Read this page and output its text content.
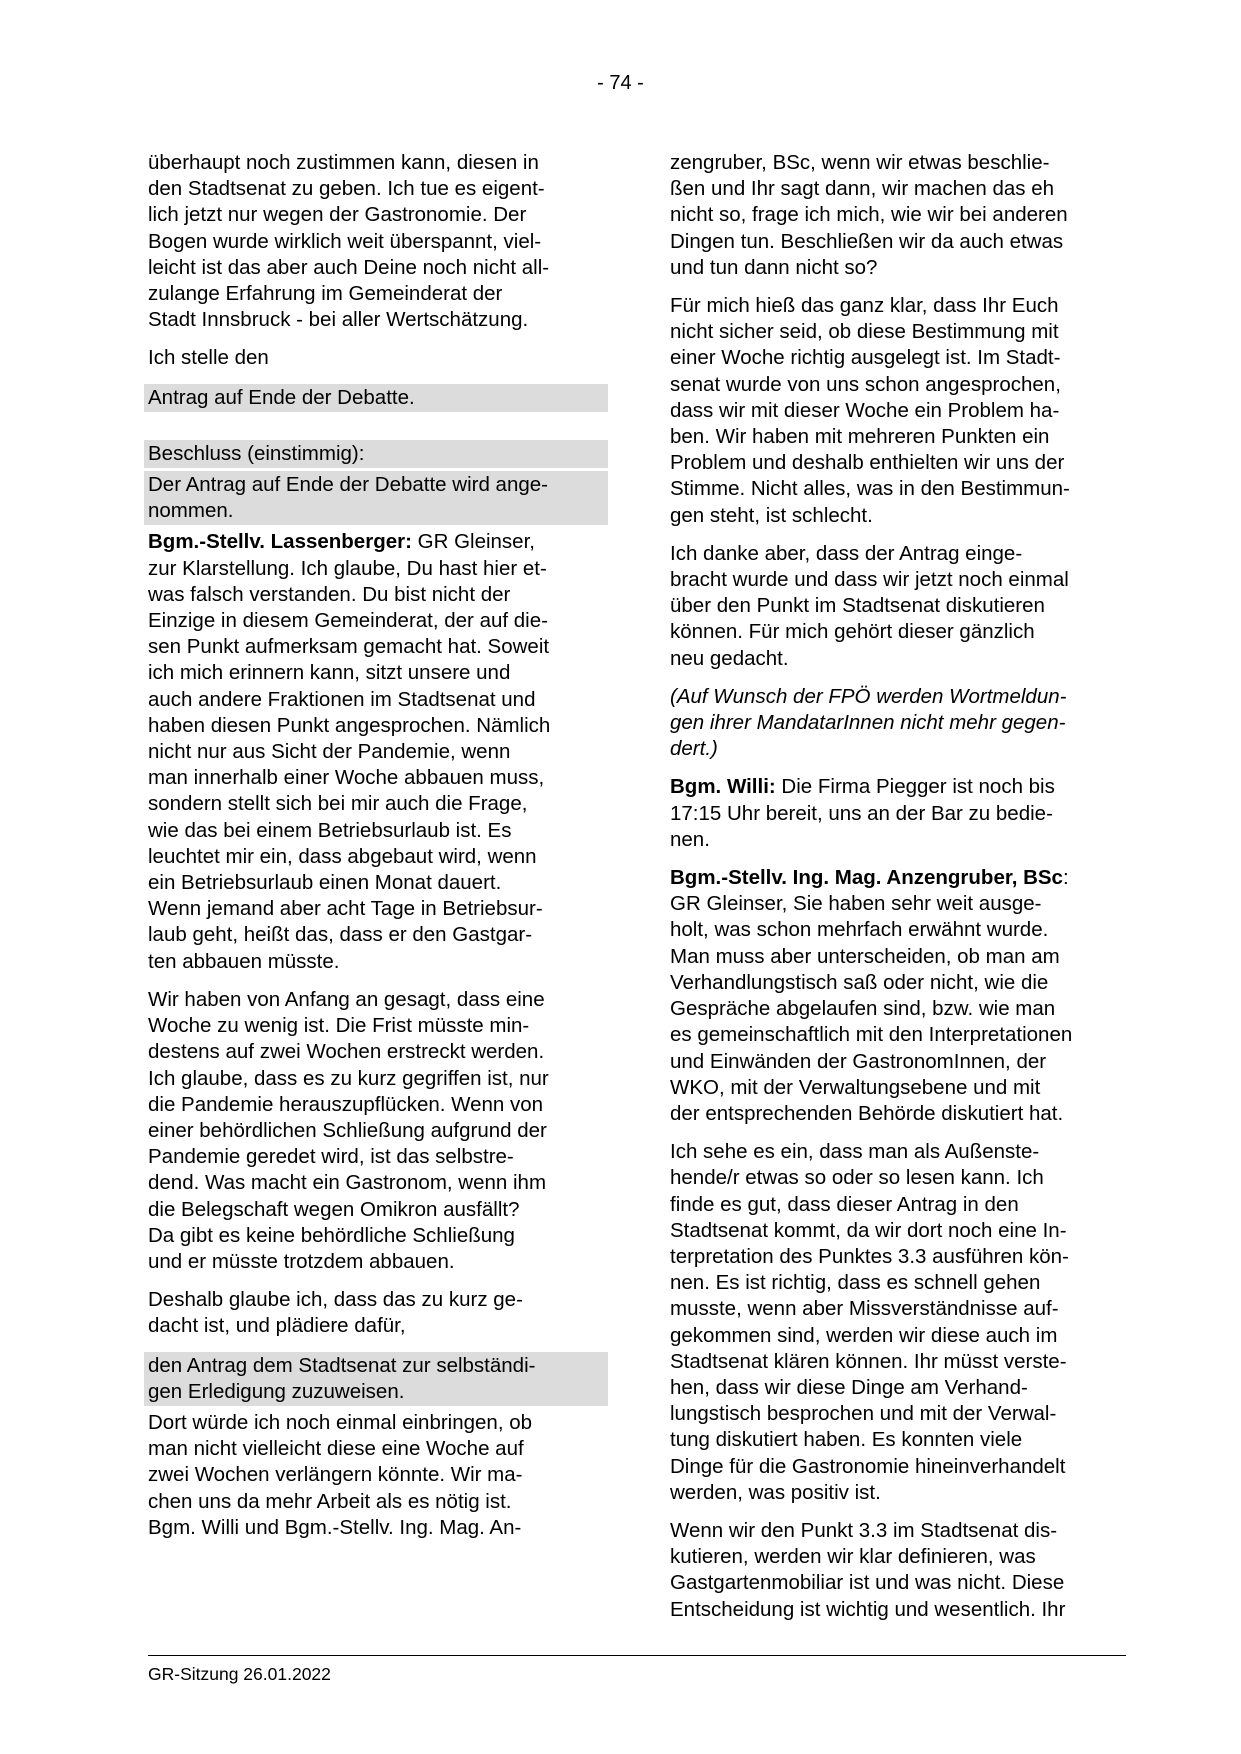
- 74 -

überhaupt noch zustimmen kann, diesen in
den Stadtsenat zu geben. Ich tue es eigent-
lich jetzt nur wegen der Gastronomie. Der
Bogen wurde wirklich weit überspannt, viel-
leicht ist das aber auch Deine noch nicht all-
zulange Erfahrung im Gemeinderat der
Stadt Innsbruck - bei aller Wertschätzung.

Ich stelle den

Antrag auf Ende der Debatte.
Beschluss (einstimmig):
Der Antrag auf Ende der Debatte wird ange-
nommen.

Bgm.-Stellv. Lassenberger: GR Gleinser,
zur Klarstellung. Ich glaube, Du hast hier et-
was falsch verstanden. Du bist nicht der
Einzige in diesem Gemeinderat, der auf die-
sen Punkt aufmerksam gemacht hat. Soweit
ich mich erinnern kann, sitzt unsere und
auch andere Fraktionen im Stadtsenat und
haben diesen Punkt angesprochen. Nämlich
nicht nur aus Sicht der Pandemie, wenn
man innerhalb einer Woche abbauen muss,
sondern stellt sich bei mir auch die Frage,
wie das bei einem Betriebsurlaub ist. Es
leuchtet mir ein, dass abgebaut wird, wenn
ein Betriebsurlaub einen Monat dauert.
Wenn jemand aber acht Tage in Betriebsur-
laub geht, heißt das, dass er den Gastgar-
ten abbauen müsste.

Wir haben von Anfang an gesagt, dass eine
Woche zu wenig ist. Die Frist müsste min-
destens auf zwei Wochen erstreckt werden.
Ich glaube, dass es zu kurz gegriffen ist, nur
die Pandemie herauszupflücken. Wenn von
einer behördlichen Schließung aufgrund der
Pandemie geredet wird, ist das selbstre-
dend. Was macht ein Gastronom, wenn ihm
die Belegschaft wegen Omikron ausfällt?
Da gibt es keine behördliche Schließung
und er müsste trotzdem abbauen.

Deshalb glaube ich, dass das zu kurz ge-
dacht ist, und plädiere dafür,

den Antrag dem Stadtsenat zur selbständi-
gen Erledigung zuzuweisen.

Dort würde ich noch einmal einbringen, ob
man nicht vielleicht diese eine Woche auf
zwei Wochen verlängern könnte. Wir ma-
chen uns da mehr Arbeit als es nötig ist.
Bgm. Willi und Bgm.-Stellv. Ing. Mag. An-

zengruber, BSc, wenn wir etwas beschlie-
ßen und Ihr sagt dann, wir machen das eh
nicht so, frage ich mich, wie wir bei anderen
Dingen tun. Beschließen wir da auch etwas
und tun dann nicht so?

Für mich hieß das ganz klar, dass Ihr Euch
nicht sicher seid, ob diese Bestimmung mit
einer Woche richtig ausgelegt ist. Im Stadt-
senat wurde von uns schon angesprochen,
dass wir mit dieser Woche ein Problem ha-
ben. Wir haben mit mehreren Punkten ein
Problem und deshalb enthielten wir uns der
Stimme. Nicht alles, was in den Bestimmun-
gen steht, ist schlecht.

Ich danke aber, dass der Antrag einge-
bracht wurde und dass wir jetzt noch einmal
über den Punkt im Stadtsenat diskutieren
können. Für mich gehört dieser gänzlich
neu gedacht.

(Auf Wunsch der FPÖ werden Wortmeldun-
gen ihrer MandatarInnen nicht mehr gegen-
dert.)

Bgm. Willi: Die Firma Piegger ist noch bis
17:15 Uhr bereit, uns an der Bar zu bedie-
nen.

Bgm.-Stellv. Ing. Mag. Anzengruber, BSc:
GR Gleinser, Sie haben sehr weit ausge-
holt, was schon mehrfach erwähnt wurde.
Man muss aber unterscheiden, ob man am
Verhandlungstisch saß oder nicht, wie die
Gespräche abgelaufen sind, bzw. wie man
es gemeinschaftlich mit den Interpretationen
und Einwänden der GastronomInnen, der
WKO, mit der Verwaltungsebene und mit
der entsprechenden Behörde diskutiert hat.

Ich sehe es ein, dass man als Außenste-
hende/r etwas so oder so lesen kann. Ich
finde es gut, dass dieser Antrag in den
Stadtsenat kommt, da wir dort noch eine In-
terpretation des Punktes 3.3 ausführen kön-
nen. Es ist richtig, dass es schnell gehen
musste, wenn aber Missverständnisse auf-
gekommen sind, werden wir diese auch im
Stadtsenat klären können. Ihr müsst verste-
hen, dass wir diese Dinge am Verhand-
lungstisch besprochen und mit der Verwal-
tung diskutiert haben. Es konnten viele
Dinge für die Gastronomie hineinverhandelt
werden, was positiv ist.

Wenn wir den Punkt 3.3 im Stadtsenat dis-
kutieren, werden wir klar definieren, was
Gastgartenmobiliar ist und was nicht. Diese
Entscheidung ist wichtig und wesentlich. Ihr

GR-Sitzung 26.01.2022
